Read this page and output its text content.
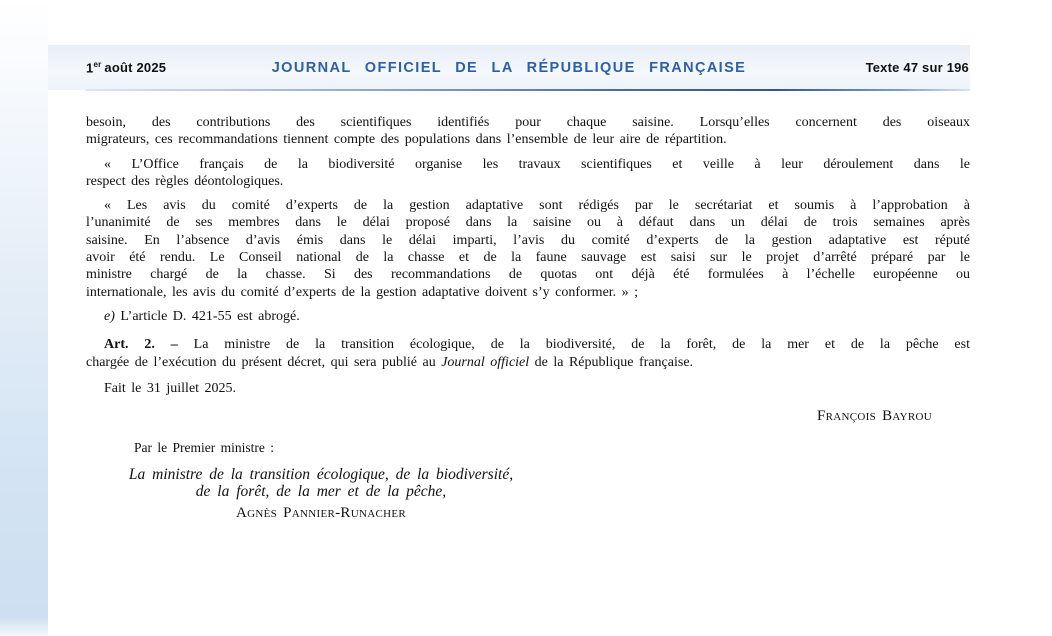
1er août 2025	JOURNAL OFFICIEL DE LA RÉPUBLIQUE FRANÇAISE	Texte 47 sur 196
besoin, des contributions des scientifiques identifiés pour chaque saisine. Lorsqu’elles concernent des oiseaux
migrateurs, ces recommandations tiennent compte des populations dans l’ensemble de leur aire de répartition.
« L’Office français de la biodiversité organise les travaux scientifiques et veille à leur déroulement dans le
respect des règles déontologiques.
« Les avis du comité d’experts de la gestion adaptative sont rédigés par le secrétariat et soumis à l’approbation à
l’unanimité de ses membres dans le délai proposé dans la saisine ou à défaut dans un délai de trois semaines après
saisine. En l’absence d’avis émis dans le délai imparti, l’avis du comité d’experts de la gestion adaptative est réputé
avoir été rendu. Le Conseil national de la chasse et de la faune sauvage est saisi sur le projet d’arrêté préparé par le
ministre chargé de la chasse. Si des recommandations de quotas ont déjà été formulées à l’échelle européenne ou
internationale, les avis du comité d’experts de la gestion adaptative doivent s’y conformer. » ;
e) L’article D. 421-55 est abrogé.
Art. 2. – La ministre de la transition écologique, de la biodiversité, de la forêt, de la mer et de la pêche est
chargée de l’exécution du présent décret, qui sera publié au Journal officiel de la République française.
Fait le 31 juillet 2025.
François Bayrou
Par le Premier ministre :
La ministre de la transition écologique, de la biodiversité,
de la forêt, de la mer et de la pêche,
Agnès Pannier-Runacher
